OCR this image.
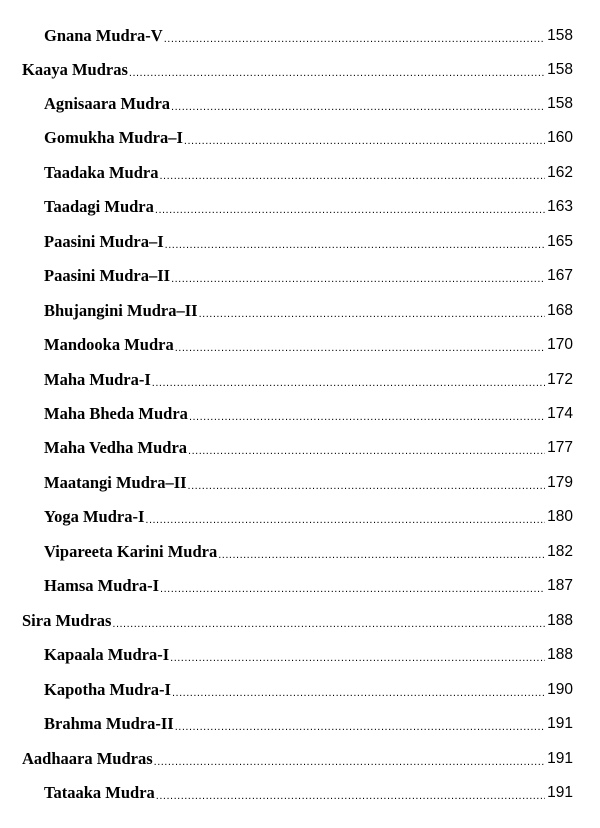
Gnana Mudra-V .....	158
Kaaya Mudras .....	158
Agnisaara Mudra .....	158
Gomukha Mudra–I .....	160
Taadaka Mudra .....	162
Taadagi Mudra .....	163
Paasini Mudra–I .....	165
Paasini Mudra–II .....	167
Bhujangini Mudra–II .....	168
Mandooka Mudra .....	170
Maha Mudra-I .....	172
Maha Bheda Mudra .....	174
Maha Vedha Mudra .....	177
Maatangi Mudra–II .....	179
Yoga Mudra-I .....	180
Vipareeta Karini Mudra .....	182
Hamsa Mudra-I .....	187
Sira Mudras .....	188
Kapaala Mudra-I .....	188
Kapotha Mudra-I .....	190
Brahma Mudra-II .....	191
Aadhaara Mudras .....	191
Tataaka Mudra .....	191
